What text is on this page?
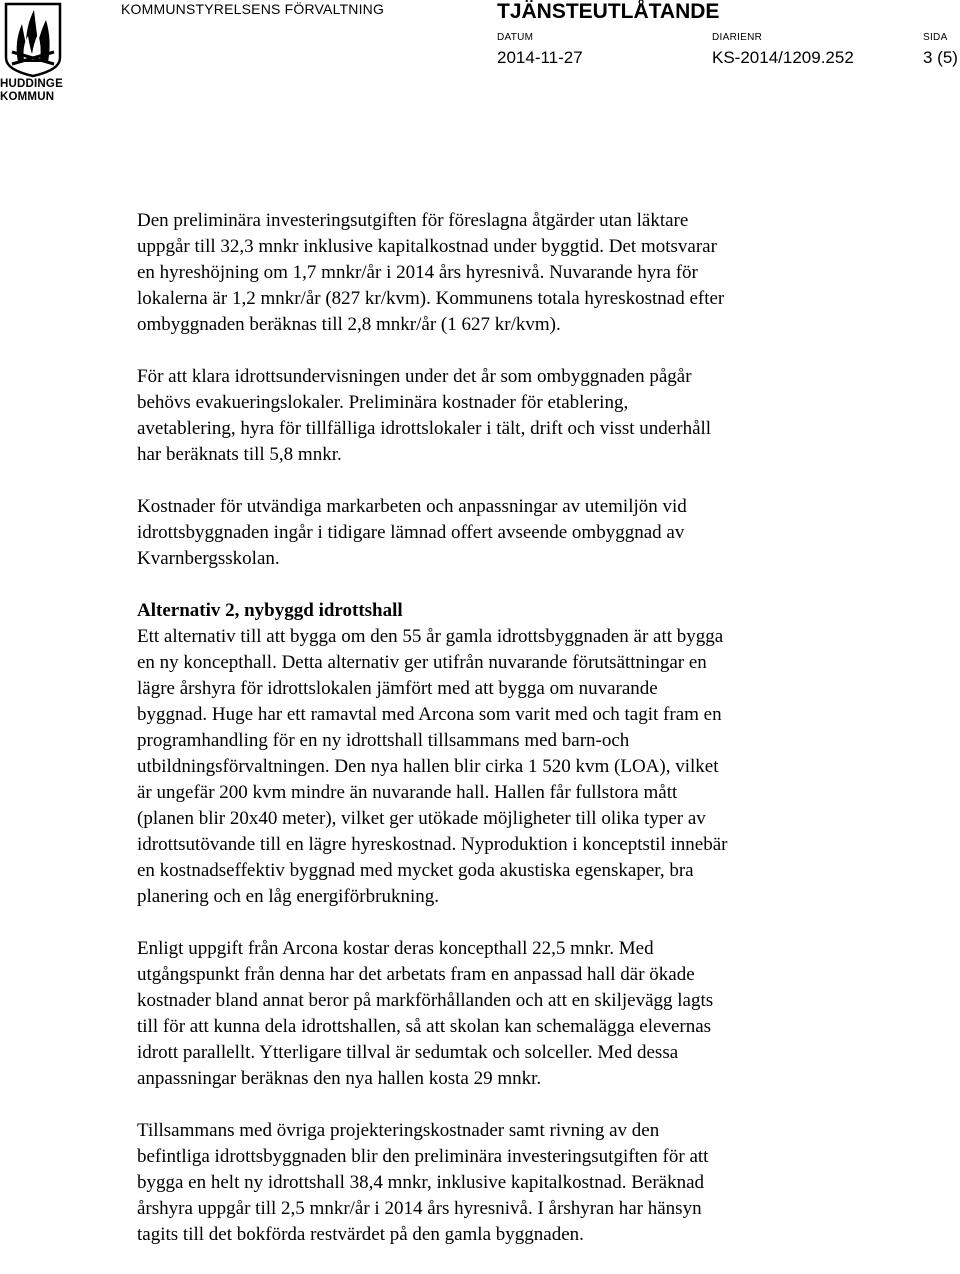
HUDDINGE
KOMMUN
KOMMUNSTYRELSENS FÖRVALTNING	TJÄNSTEUTLÅTANDE
DATUM	DIARIENR	SIDA
2014-11-27	KS-2014/1209.252	3 (5)

Den preliminära investeringsutgiften för föreslagna åtgärder utan läktare
uppgår till 32,3 mnkr inklusive kapitalkostnad under byggtid. Det motsvarar
en hyreshöjning om 1,7 mnkr/år i 2014 års hyresnivå. Nuvarande hyra för
lokalerna är 1,2 mnkr/år (827 kr/kvm). Kommunens totala hyreskostnad efter
ombyggnaden beräknas till 2,8 mnkr/år (1 627 kr/kvm).

För att klara idrottsundervisningen under det år som ombyggnaden pågår
behövs evakueringslokaler. Preliminära kostnader för etablering,
avetablering, hyra för tillfälliga idrottslokaler i tält, drift och visst underhåll
har beräknats till 5,8 mnkr.

Kostnader för utvändiga markarbeten och anpassningar av utemiljön vid
idrottsbyggnaden ingår i tidigare lämnad offert avseende ombyggnad av
Kvarnbergsskolan.

Alternativ 2, nybyggd idrottshall

Ett alternativ till att bygga om den 55 år gamla idrottsbyggnaden är att bygga
en ny koncepthall. Detta alternativ ger utifrån nuvarande förutsättningar en
lägre årshyra för idrottslokalen jämfört med att bygga om nuvarande
byggnad. Huge har ett ramavtal med Arcona som varit med och tagit fram en
programhandling för en ny idrottshall tillsammans med barn-och
utbildningsförvaltningen. Den nya hallen blir cirka 1 520 kvm (LOA), vilket
är ungefär 200 kvm mindre än nuvarande hall. Hallen får fullstora mått
(planen blir 20x40 meter), vilket ger utökade möjligheter till olika typer av
idrottsutövande till en lägre hyreskostnad. Nyproduktion i konceptstil innebär
en kostnadseffektiv byggnad med mycket goda akustiska egenskaper, bra
planering och en låg energiförbrukning.

Enligt uppgift från Arcona kostar deras koncepthall 22,5 mnkr. Med
utgångspunkt från denna har det arbetats fram en anpassad hall där ökade
kostnader bland annat beror på markförhållanden och att en skiljevägg lagts
till för att kunna dela idrottshallen, så att skolan kan schemalägga elevernas
idrott parallellt. Ytterligare tillval är sedumtak och solceller. Med dessa
anpassningar beräknas den nya hallen kosta 29 mnkr.

Tillsammans med övriga projekteringskostnader samt rivning av den
befintliga idrottsbyggnaden blir den preliminära investeringsutgiften för att
bygga en helt ny idrottshall 38,4 mnkr, inklusive kapitalkostnad. Beräknad
årshyra uppgår till 2,5 mnkr/år i 2014 års hyresnivå. I årshyran har hänsyn
tagits till det bokförda restvärdet på den gamla byggnaden.
